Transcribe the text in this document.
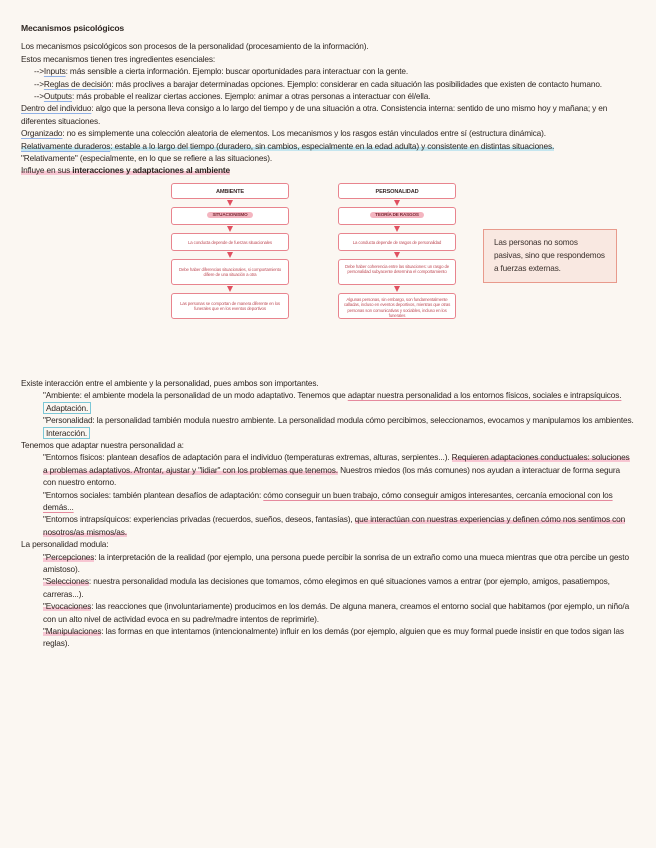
Mecanismos psicológicos

Los mecanismos psicológicos son procesos de la personalidad (procesamiento de la información).

Estos mecanismos tienen tres ingredientes esenciales:

-->Inputs: más sensible a cierta información. Ejemplo: buscar oportunidades para interactuar con la gente.

-->Reglas de decisión: más proclives a barajar determinadas opciones. Ejemplo: considerar en cada situación las posibilidades que existen de contacto humano.

-->Outputs: más probable el realizar ciertas acciones. Ejemplo: animar a otras personas a interactuar con él/ella.

Dentro del individuo: algo que la persona lleva consigo a lo largo del tiempo y de una situación a otra. Consistencia interna: sentido de uno mismo hoy y mañana; y en diferentes situaciones.

Organizado: no es simplemente una colección aleatoria de elementos. Los mecanismos y los rasgos están vinculados entre sí (estructura dinámica).

Relativamente duraderos: estable a lo largo del tiempo (duradero, sin cambios, especialmente en la edad adulta) y consistente en distintas situaciones.

"Relativamente" (especialmente, en lo que se refiere a las situaciones).

Influye en sus interacciones y adaptaciones al ambiente

AMBIENTE
SITUACIONISMO
La conducta depende de fuerzas situacionales
Debe haber diferencias situacionales, si comportamiento difiere de una situación a otra
Las personas se comportan de manera diferente en los funerales que en los eventos deportivos
PERSONALIDAD
TEORÍA DE RASGOS
La conducta depende de rasgos de personalidad
Debe haber coherencia entre las situaciones: un rasgo de personalidad subyacente determina el comportamiento
Algunas personas, sin embargo, son fundamentalmente calladas, incluso en eventos deportivos, mientras que otras personas son comunicativas y sociables, incluso en los funerales
Las personas no somos pasivas, sino que respondemos a fuerzas externas.

Existe interacción entre el ambiente y la personalidad, pues ambos son importantes.

"Ambiente: el ambiente modela la personalidad de un modo adaptativo. Tenemos que adaptar nuestra personalidad a los entornos físicos, sociales e intrapsíquicos. Adaptación.

"Personalidad: la personalidad también modula nuestro ambiente. La personalidad modula cómo percibimos, seleccionamos, evocamos y manipulamos los ambientes. Interacción.

Tenemos que adaptar nuestra personalidad a:

"Entornos físicos: plantean desafíos de adaptación para el individuo (temperaturas extremas, alturas, serpientes...). Requieren adaptaciones conductuales: soluciones a problemas adaptativos. Afrontar, ajustar y "lidiar" con los problemas que tenemos. Nuestros miedos (los más comunes) nos ayudan a interactuar de forma segura con nuestro entorno.

"Entornos sociales: también plantean desafíos de adaptación: cómo conseguir un buen trabajo, cómo conseguir amigos interesantes, cercanía emocional con los demás...

"Entornos intrapsíquicos: experiencias privadas (recuerdos, sueños, deseos, fantasías), que interactúan con nuestras experiencias y definen cómo nos sentimos con nosotros/as mismos/as.

La personalidad modula:

"Percepciones: la interpretación de la realidad (por ejemplo, una persona puede percibir la sonrisa de un extraño como una mueca mientras que otra percibe un gesto amistoso).

"Selecciones: nuestra personalidad modula las decisiones que tomamos, cómo elegimos en qué situaciones vamos a entrar (por ejemplo, amigos, pasatiempos, carreras...).

"Evocaciones: las reacciones que (involuntariamente) producimos en los demás. De alguna manera, creamos el entorno social que habitamos (por ejemplo, un niño/a con un alto nivel de actividad evoca en su padre/madre intentos de reprimirle).

"Manipulaciones: las formas en que intentamos (intencionalmente) influir en los demás (por ejemplo, alguien que es muy formal puede insistir en que todos sigan las reglas).
